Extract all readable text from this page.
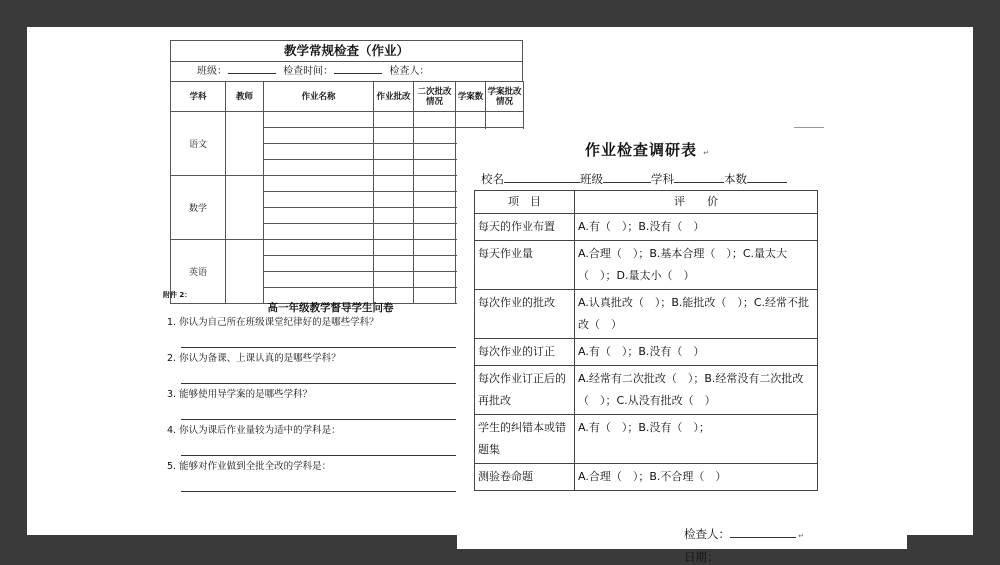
教学常规检查（作业）
班级：	检查时间：	检查人：
学科	教师	作业名称	作业批改	二次批改情况	学案数	学案批改情况
语文						

数学						

英语						

附件 2：
高一年级教学督导学生问卷
1. 你认为自己所在班级课堂纪律好的是哪些学科？
2. 你认为备课、上课认真的是哪些学科？
3. 能够使用导学案的是哪些学科？
4. 你认为课后作业量较为适中的学科是：
5. 能够对作业做到全批全改的学科是：
作业检查调研表 ↵
校名	班级	学科	本数
项　目	评　　价
每天的作业布置	A.有（　）；B.没有（　）
每天作业量	A.合理（　）；B.基本合理（　）；C.量太大（　）；D.量太小（　）
每次作业的批改	A.认真批改（　）；B.能批改（　）；C.经常不批改（　）
每次作业的订正	A.有（　）；B.没有（　）
每次作业订正后的再批改	A.经常有二次批改（　）；B.经常没有二次批改（　）；C.从没有批改（　）
学生的纠错本或错题集	A.有（　）；B.没有（　）；
测验卷命题	A.合理（　）；B.不合理（　）
检查人：	↵
日期：
